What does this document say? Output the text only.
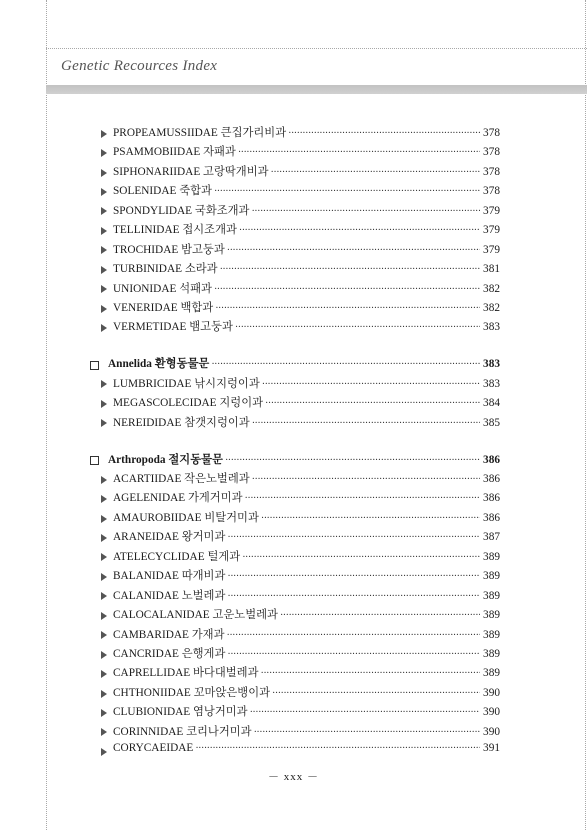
Genetic Recources Index
PROPEAMUSSIIDAE 큰집가리비과 ·····	378
PSAMMOBIIDAE 자패과 ·····	378
SIPHONARIIDAE 고랑딱개비과 ·····	378
SOLENIDAE 죽합과 ·····	378
SPONDYLIDAE 국화조개과 ·····	379
TELLINIDAE 접시조개과 ·····	379
TROCHIDAE 밤고둥과 ·····	379
TURBINIDAE 소라과 ·····	381
UNIONIDAE 석패과 ·····	382
VENERIDAE 백합과 ·····	382
VERMETIDAE 뱀고둥과 ·····	383
Annelida 환형동물문 ·····	383
LUMBRICIDAE 낚시지렁이과 ·····	383
MEGASCOLECIDAE 지렁이과 ·····	384
NEREIDIDAE 참갯지렁이과 ·····	385
Arthropoda 절지동물문 ·····	386
ACARTIIDAE 작은노벌레과 ·····	386
AGELENIDAE 가게거미과 ·····	386
AMAUROBIIDAE 비탈거미과 ·····	386
ARANEIDAE 왕거미과 ·····	387
ATELECYCLIDAE 털게과 ·····	389
BALANIDAE 따개비과 ·····	389
CALANIDAE 노벌레과 ·····	389
CALOCALANIDAE 고운노벌레과 ·····	389
CAMBARIDAE 가재과 ·····	389
CANCRIDAE 은행게과 ·····	389
CAPRELLIDAE 바다대벌레과 ·····	389
CHTHONIIDAE 꼬마앉은뱅이과 ·····	390
CLUBIONIDAE 염낭거미과 ·····	390
CORINNIDAE 코리나거미과 ·····	390
CORYCAEIDAE ·····	391
－ xxx －
